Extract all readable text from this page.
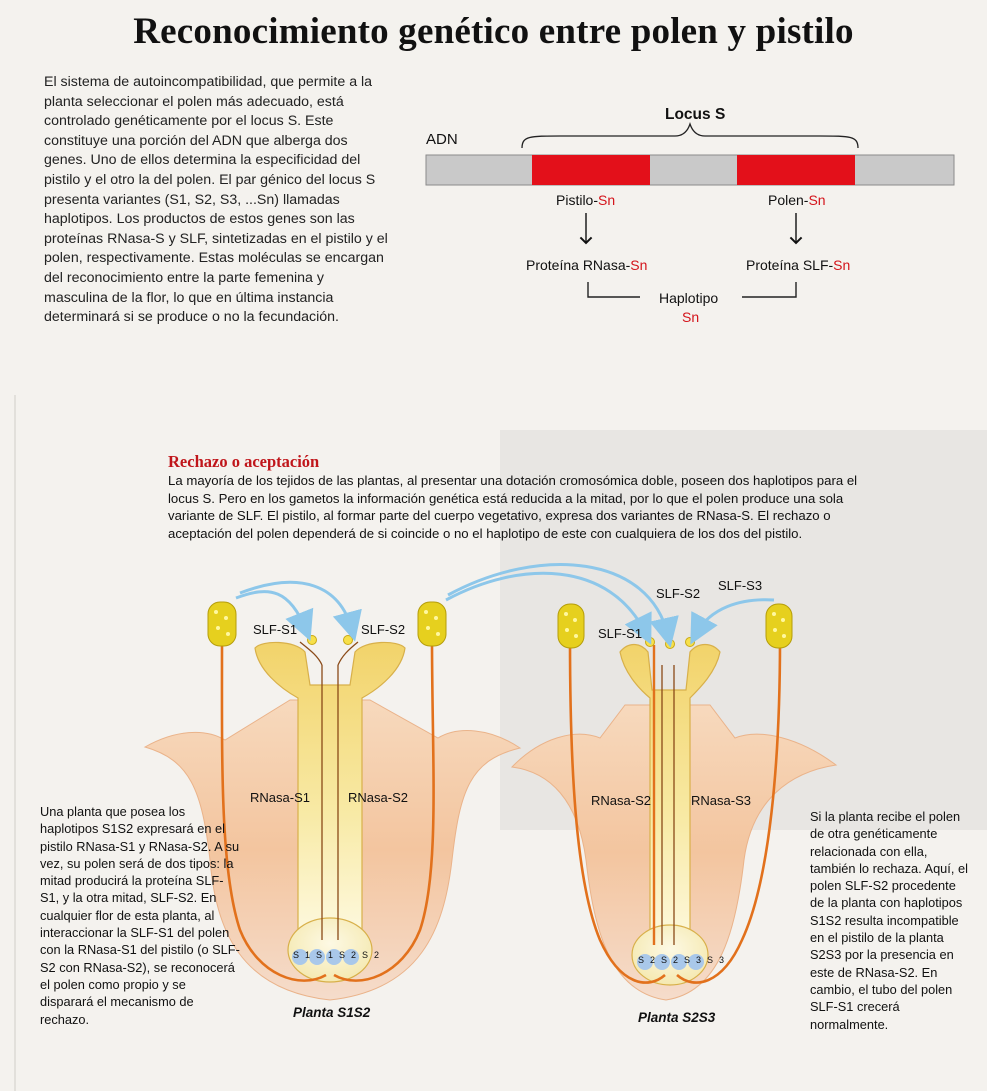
Reconocimiento genético entre polen y pistilo

El sistema de autoincompatibilidad, que permite a la planta seleccionar el polen más adecuado, está controlado genéticamente por el locus S. Este constituye una porción del ADN que alberga dos genes. Uno de ellos determina la especificidad del pistilo y el otro la del polen. El par génico del locus S presenta variantes (S1, S2, S3, ...Sn) llamadas haplotipos. Los productos de estos genes son las proteínas RNasa-S y SLF, sintetizadas en el pistilo y el polen, respectivamente. Estas moléculas se encargan del reconocimiento entre la parte femenina y masculina de la flor, lo que en última instancia determinará si se produce o no la fecundación.

ADN
Locus S
Pistilo-Sn	Polen-Sn
Proteína RNasa-Sn	Proteína SLF-Sn
Haplotipo
Sn
Rechazo o aceptación

La mayoría de los tejidos de las plantas, al presentar una dotación cromosómica doble, poseen dos haplotipos para el locus S. Pero en los gametos la información genética está reducida a la mitad, por lo que el polen produce una sola variante de SLF. El pistilo, al formar parte del cuerpo vegetativo, expresa dos variantes de RNasa-S. El rechazo o aceptación del polen dependerá de si coincide o no el haplotipo de este con cualquiera de los dos del pistilo.

SLF-S1	SLF-S2
RNasa-S1	RNasa-S2
S1S1S2S2
Planta S1S2
SLF-S2
SLF-S3
SLF-S1
RNasa-S2	RNasa-S3
S2S2S3S3
Planta S2S3

Una planta que posea los haplotipos S1S2 expresará en el pistilo RNasa-S1 y RNasa-S2. A su vez, su polen será de dos tipos: la mitad producirá la proteína SLF-S1, y la otra mitad, SLF-S2. En cualquier flor de esta planta, al interaccionar la SLF-S1 del polen con la RNasa-S1 del pistilo (o SLF-S2 con RNasa-S2), se reconocerá el polen como propio y se disparará el mecanismo de rechazo.

Si la planta recibe el polen de otra genéticamente relacionada con ella, también lo rechaza. Aquí, el polen SLF-S2 procedente de la planta con haplotipos S1S2 resulta incompatible en el pistilo de la planta S2S3 por la presencia en este de RNasa-S2. En cambio, el tubo del polen SLF-S1 crecerá normalmente.
